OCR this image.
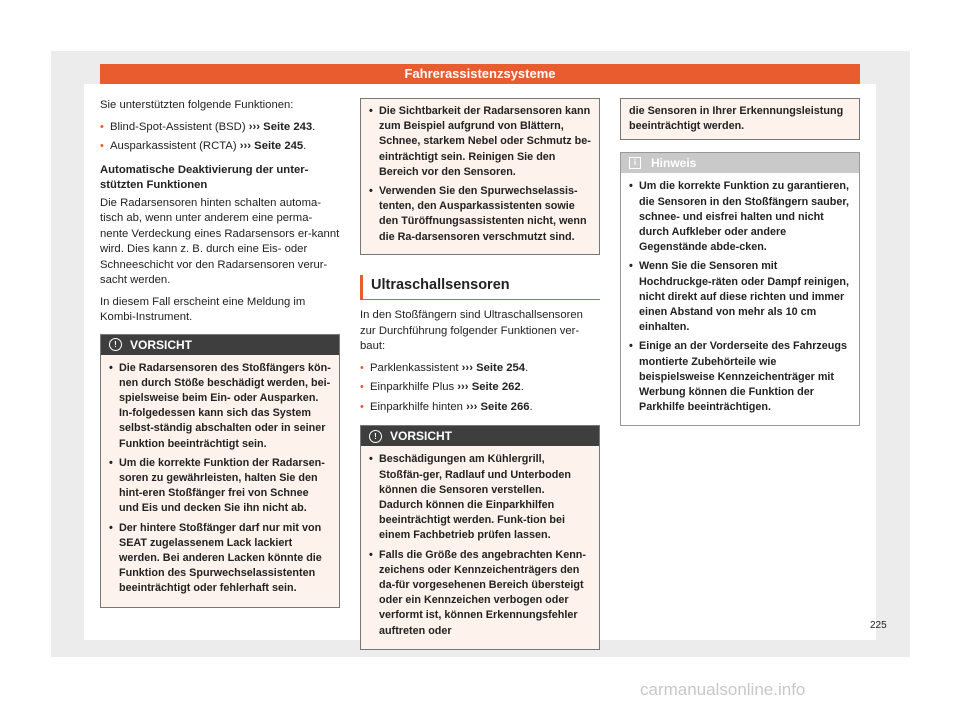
Fahrerassistenzsysteme

Sie unterstützten folgende Funktionen:

• Blind-Spot-Assistent (BSD) ››› Seite 243.
• Ausparkassistent (RCTA) ››› Seite 245.
Automatische Deaktivierung der unter-stützten Funktionen

Die Radarsensoren hinten schalten automa-tisch ab, wenn unter anderem eine perma-nente Verdeckung eines Radarsensors er-kannt wird. Dies kann z. B. durch eine Eis- oder Schneeschicht vor den Radarsensoren verur-sacht werden.

In diesem Fall erscheint eine Meldung im Kombi-Instrument.

!	VORSICHT
• Die Radarsensoren des Stoßfängers kön-nen durch Stöße beschädigt werden, bei-spielsweise beim Ein- oder Ausparken. In-folgedessen kann sich das System selbst-ständig abschalten oder in seiner Funktion beeinträchtigt sein.
• Um die korrekte Funktion der Radarsen-soren zu gewährleisten, halten Sie den hint-eren Stoßfänger frei von Schnee und Eis und decken Sie ihn nicht ab.
• Der hintere Stoßfänger darf nur mit von SEAT zugelassenem Lack lackiert werden. Bei anderen Lacken könnte die Funktion des Spurwechselassistenten beeinträchtigt oder fehlerhaft sein.
• Die Sichtbarkeit der Radarsensoren kann zum Beispiel aufgrund von Blättern, Schnee, starkem Nebel oder Schmutz be-einträchtigt sein. Reinigen Sie den Bereich vor den Sensoren.
• Verwenden Sie den Spurwechselassis-tenten, den Ausparkassistenten sowie den Türöffnungsassistenten nicht, wenn die Ra-darsensoren verschmutzt sind.
Ultraschallsensoren

In den Stoßfängern sind Ultraschallsensoren zur Durchführung folgender Funktionen ver-baut:

• Parklenkassistent ››› Seite 254.
• Einparkhilfe Plus ››› Seite 262.
• Einparkhilfe hinten ››› Seite 266.
!	VORSICHT
• Beschädigungen am Kühlergrill, Stoßfän-ger, Radlauf und Unterboden können die Sensoren verstellen. Dadurch können die Einparkhilfen beeinträchtigt werden. Funk-tion bei einem Fachbetrieb prüfen lassen.
• Falls die Größe des angebrachten Kenn-zeichens oder Kennzeichenträgers den da-für vorgesehenen Bereich übersteigt oder ein Kennzeichen verbogen oder verformt ist, können Erkennungsfehler auftreten oder
die Sensoren in Ihrer Erkennungsleistung beeinträchtigt werden.
i	Hinweis
• Um die korrekte Funktion zu garantieren, die Sensoren in den Stoßfängern sauber, schnee- und eisfrei halten und nicht durch Aufkleber oder andere Gegenstände abde-cken.
• Wenn Sie die Sensoren mit Hochdruckge-räten oder Dampf reinigen, nicht direkt auf diese richten und immer einen Abstand von mehr als 10 cm einhalten.
• Einige an der Vorderseite des Fahrzeugs montierte Zubehörteile wie beispielsweise Kennzeichenträger mit Werbung können die Funktion der Parkhilfe beeinträchtigen.
225
carmanualsonline.info
